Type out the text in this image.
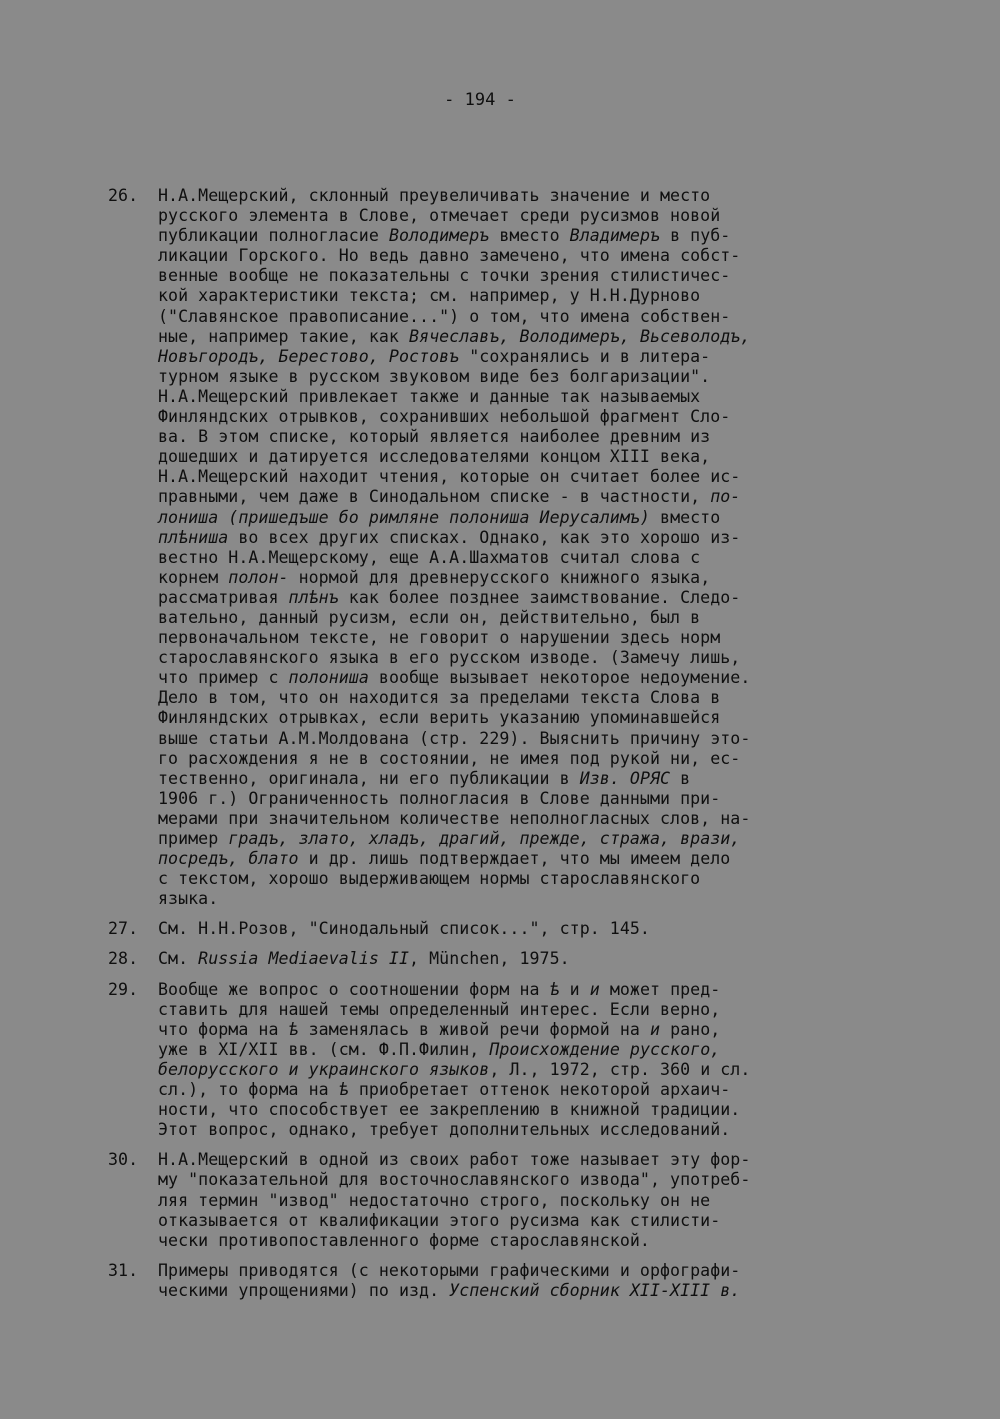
- 194 -
26. Н.А.Мещерский, склонный преувеличивать значение и место
русского элемента в Слове, отмечает среди русизмов новой
публикации полногласие Володимеръ вместо Владимеръ в пуб-
ликации Горского. Но ведь давно замечено, что имена собст-
венные вообще не показательны с точки зрения стилистичес-
кой характеристики текста; см. например, у Н.Н.Дурново
("Славянское правописание...") о том, что имена собствен-
ные, например такие, как Вячеславъ, Володимеръ, Вьсеволодъ,
Новъгородъ, Берестово, Ростовъ "сохранялись и в литера-
турном языке в русском звуковом виде без болгаризации".
Н.А.Мещерский привлекает также и данные так называемых
Финляндских отрывков, сохранивших небольшой фрагмент Сло-
ва. В этом списке, который является наиболее древним из
дошедших и датируется исследователями концом XIII века,
Н.А.Мещерский находит чтения, которые он считает более ис-
правными, чем даже в Синодальном списке - в частности, по-
лониша (пришедъше бо римляне полониша Иерусалимъ) вместо
плѣниша во всех других списках. Однако, как это хорошо из-
вестно Н.А.Мещерскому, еще А.А.Шахматов считал слова с
корнем полон- нормой для древнерусского книжного языка,
рассматривая плѣнъ как более позднее заимствование. Следо-
вательно, данный русизм, если он, действительно, был в
первоначальном тексте, не говорит о нарушении здесь норм
старославянского языка в его русском изводе. (Замечу лишь,
что пример с полониша вообще вызывает некоторое недоумение.
Дело в том, что он находится за пределами текста Слова в
Финляндских отрывках, если верить указанию упоминавшейся
выше статьи А.М.Молдована (стр. 229). Выяснить причину это-
го расхождения я не в состоянии, не имея под рукой ни, ес-
тественно, оригинала, ни его публикации в Изв. ОРЯС в
1906 г.) Ограниченность полногласия в Слове данными при-
мерами при значительном количестве неполногласных слов, на-
пример градъ, злато, хладъ, драгий, прежде, стража, врази,
посредъ, блато и др. лишь подтверждает, что мы имеем дело
с текстом, хорошо выдерживающем нормы старославянского
языка.
27. См. Н.Н.Розов, "Синодальный список...", стр. 145.
28. См. Russia Mediaevalis II, München, 1975.
29. Вообще же вопрос о соотношении форм на ѣ и и может пред-
ставить для нашей темы определенный интерес. Если верно,
что форма на ѣ заменялась в живой речи формой на и рано,
уже в XI/XII вв. (см. Ф.П.Филин, Происхождение русского,
белорусского и украинского языков, Л., 1972, стр. 360 и сл.
сл.), то форма на ѣ приобретает оттенок некоторой архаич-
ности, что способствует ее закреплению в книжной традиции.
Этот вопрос, однако, требует дополнительных исследований.
30. Н.А.Мещерский в одной из своих работ тоже называет эту фор-
му "показательной для восточнославянского извода", употреб-
ляя термин "извод" недостаточно строго, поскольку он не
отказывается от квалификации этого русизма как стилисти-
чески противопоставленного форме старославянской.
31. Примеры приводятся (с некоторыми графическими и орфографи-
ческими упрощениями) по изд. Успенский сборник XII-XIII в.
